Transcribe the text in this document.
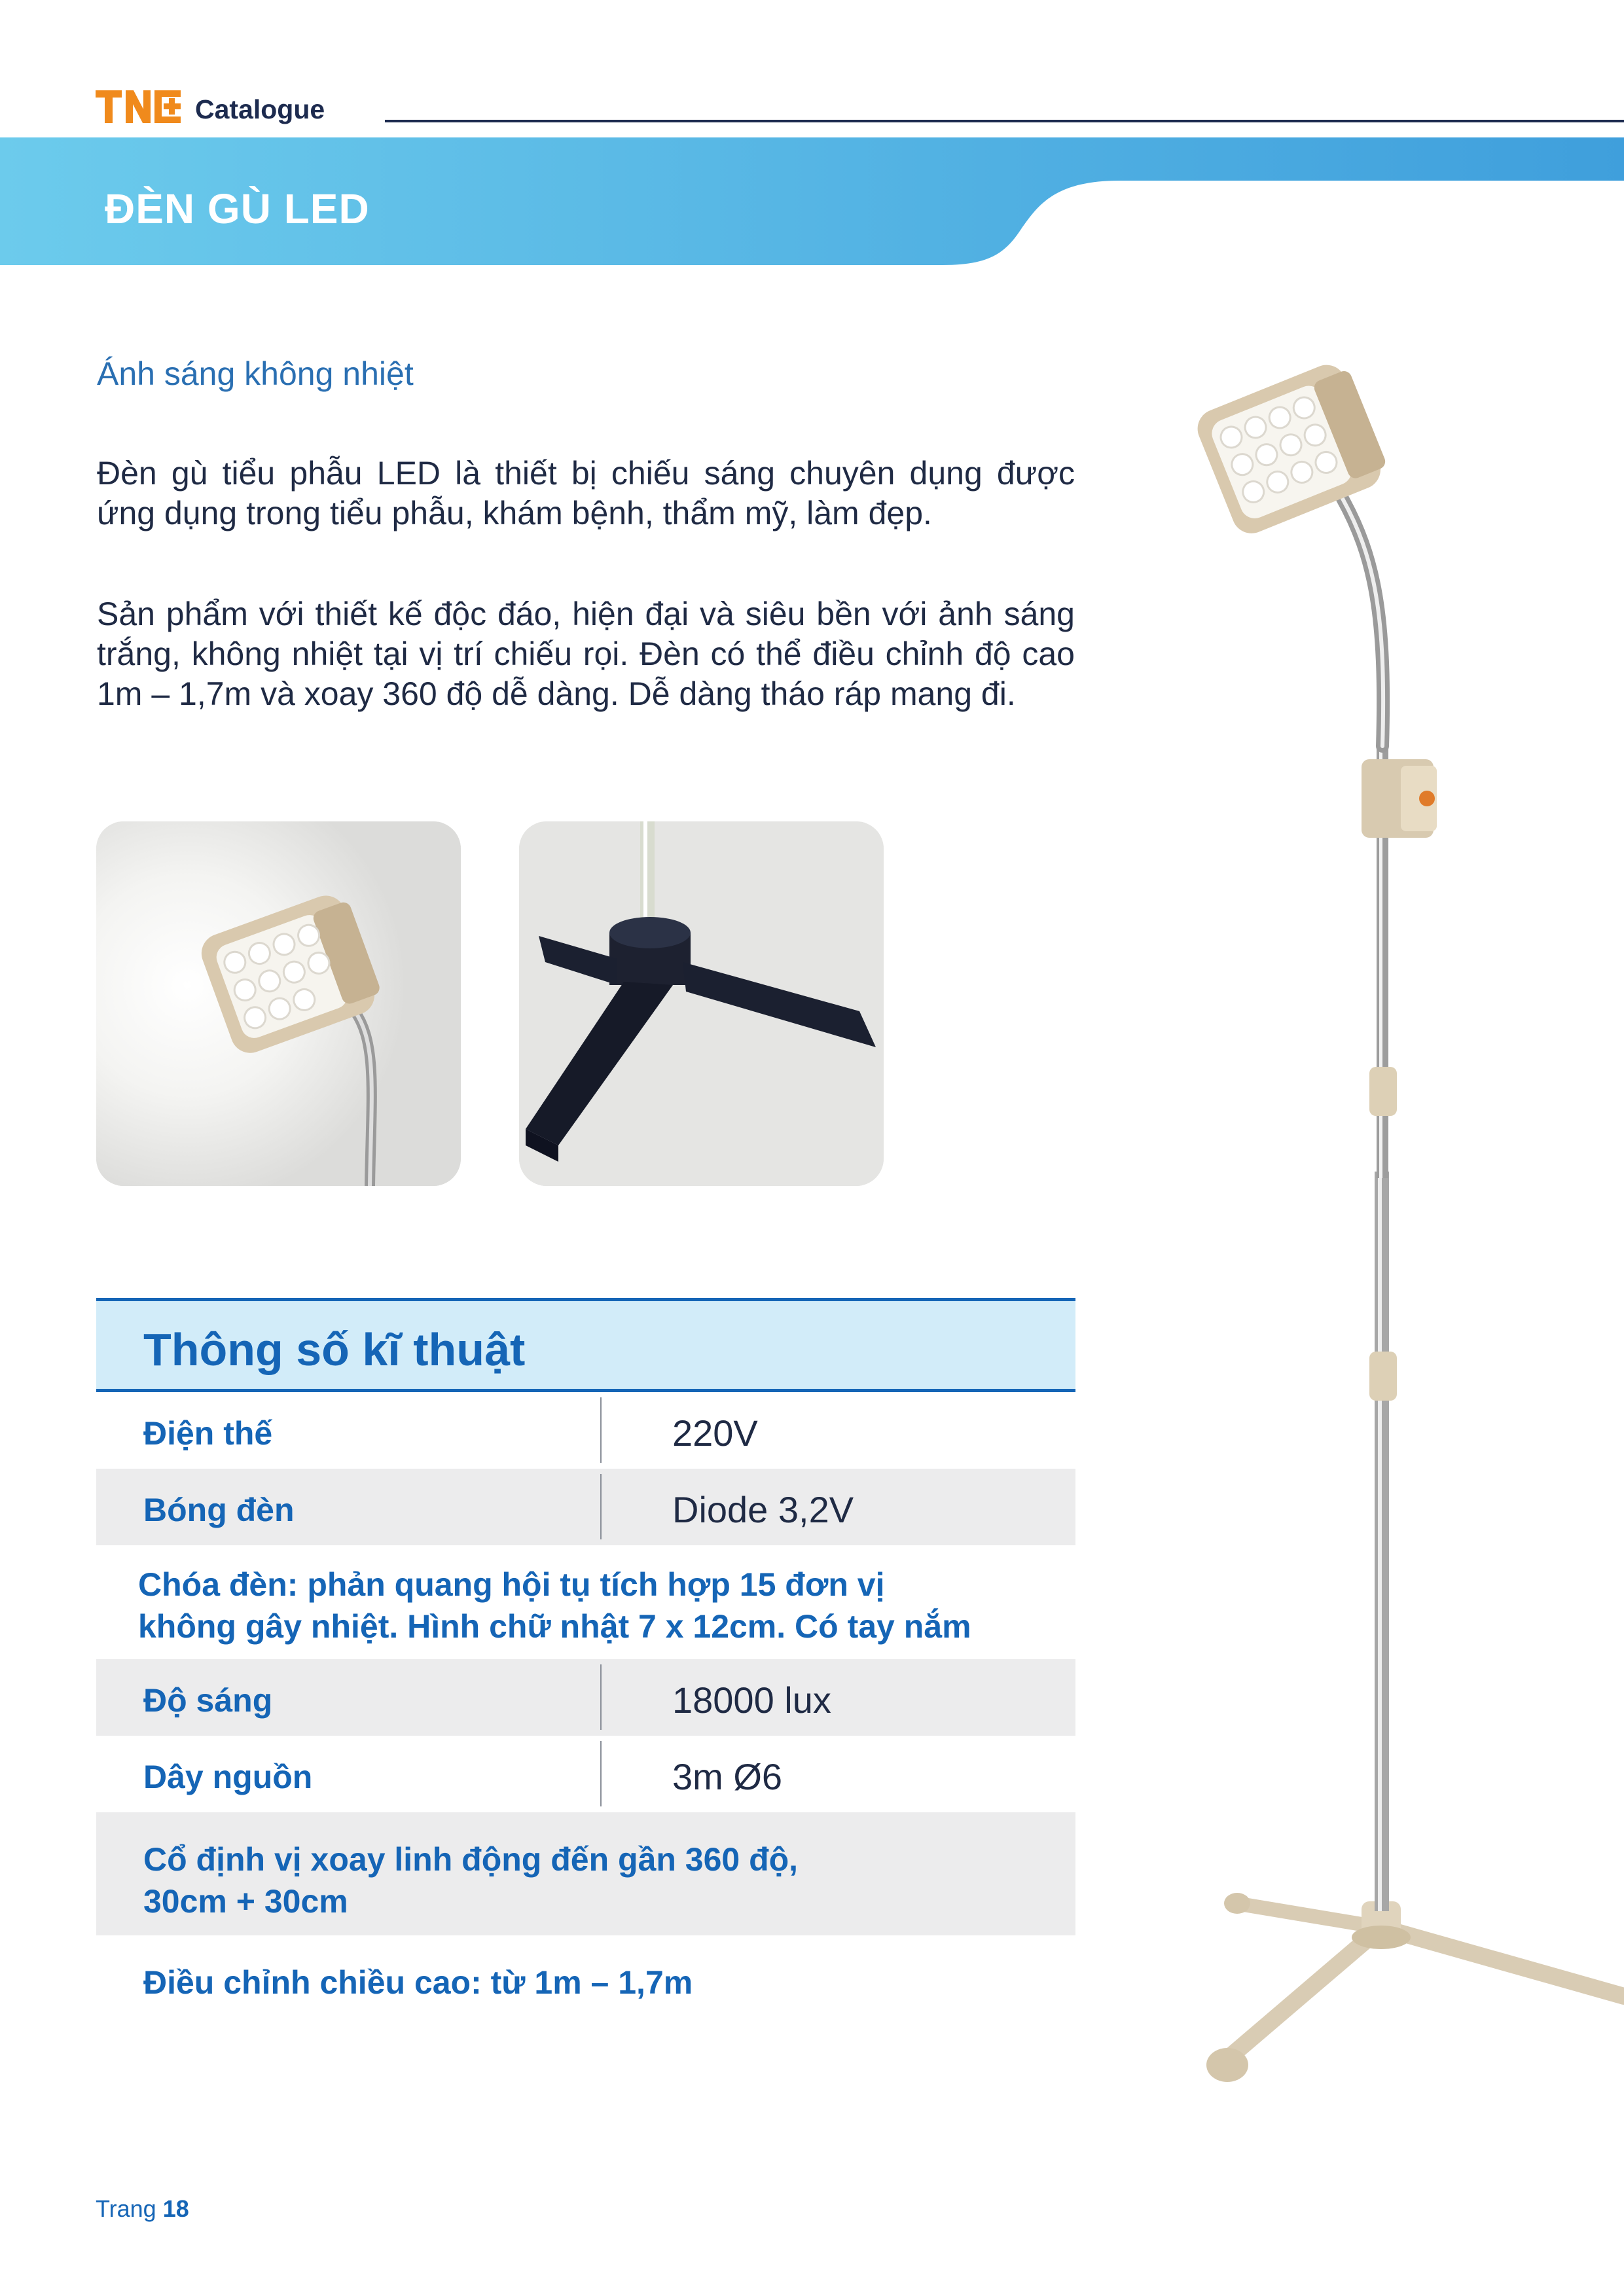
Catalogue
ĐÈN GÙ LED
Ánh sáng không nhiệt

Đèn gù tiểu phẫu LED là thiết bị chiếu sáng chuyên dụng được ứng dụng trong tiểu phẫu, khám bệnh, thẩm mỹ, làm đẹp.

Sản phẩm với thiết kế độc đáo, hiện đại và siêu bền với ảnh sáng trắng, không nhiệt tại vị trí chiếu rọi. Đèn có thể điều chỉnh độ cao 1m – 1,7m và xoay 360 độ dễ dàng. Dễ dàng tháo ráp mang đi.

Thông số kĩ thuật
Điện thế	220V
Bóng đèn	Diode 3,2V
Chóa đèn: phản quang hội tụ tích hợp 15 đơn vị
không gây nhiệt. Hình chữ nhật 7 x 12cm. Có tay nắm
Độ sáng	18000 lux
Dây nguồn	3m Ø6
Cổ định vị xoay linh động đến gần 360 độ,
30cm + 30cm
Điều chỉnh chiều cao: từ 1m – 1,7m
Trang 18
